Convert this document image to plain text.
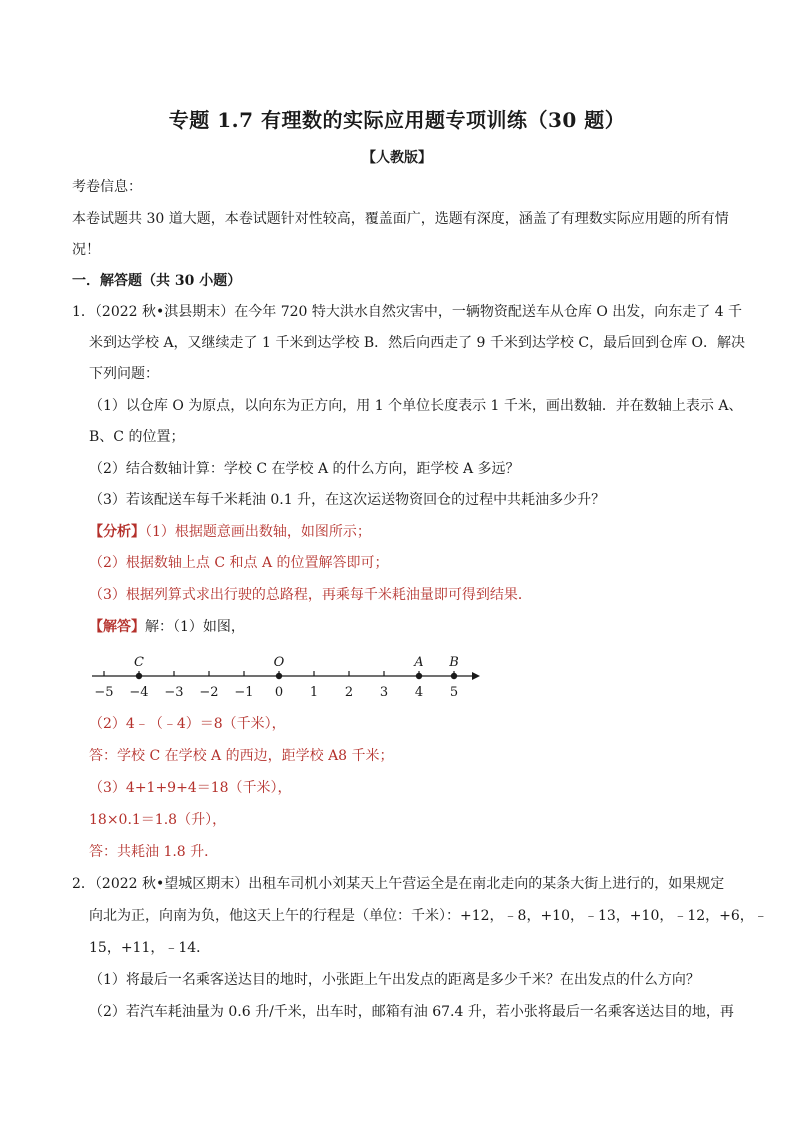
专题 1.7 有理数的实际应用题专项训练（30 题）
【人教版】
考卷信息：
本卷试题共 30 道大题，本卷试题针对性较高，覆盖面广，选题有深度，涵盖了有理数实际应用题的所有情
况！
一．解答题（共 30 小题）
1．（2022 秋•淇县期末）在今年 720 特大洪水自然灾害中，一辆物资配送车从仓库 O 出发，向东走了 4 千
米到达学校 A，又继续走了 1 千米到达学校 B．然后向西走了 9 千米到达学校 C，最后回到仓库 O．解决
下列问题：
（1）以仓库 O 为原点，以向东为正方向，用 1 个单位长度表示 1 千米，画出数轴．并在数轴上表示 A、
B、C 的位置；
（2）结合数轴计算：学校 C 在学校 A 的什么方向，距学校 A 多远？
（3）若该配送车每千米耗油 0.1 升，在这次运送物资回仓的过程中共耗油多少升？
【分析】（1）根据题意画出数轴，如图所示；
（2）根据数轴上点 C 和点 A 的位置解答即可；
（3）根据列算式求出行驶的总路程，再乘每千米耗油量即可得到结果．
【解答】解：（1）如图，
−5 −4 −3 −2 −1 0 1 2 3 4 5
C	O	A B
（2）4﹣（﹣4）＝8（千米），
答：学校 C 在学校 A 的西边，距学校 A8 千米；
（3）4+1+9+4＝18（千米），
18×0.1＝1.8（升），
答：共耗油 1.8 升．
2．（2022 秋•望城区期末）出租车司机小刘某天上午营运全是在南北走向的某条大街上进行的，如果规定
向北为正，向南为负，他这天上午的行程是（单位：千米）：+12，﹣8，+10，﹣13，+10，﹣12，+6，﹣
15，+11，﹣14．
（1）将最后一名乘客送达目的地时，小张距上午出发点的距离是多少千米？在出发点的什么方向？
（2）若汽车耗油量为 0.6 升/千米，出车时，邮箱有油 67.4 升，若小张将最后一名乘客送达目的地，再
